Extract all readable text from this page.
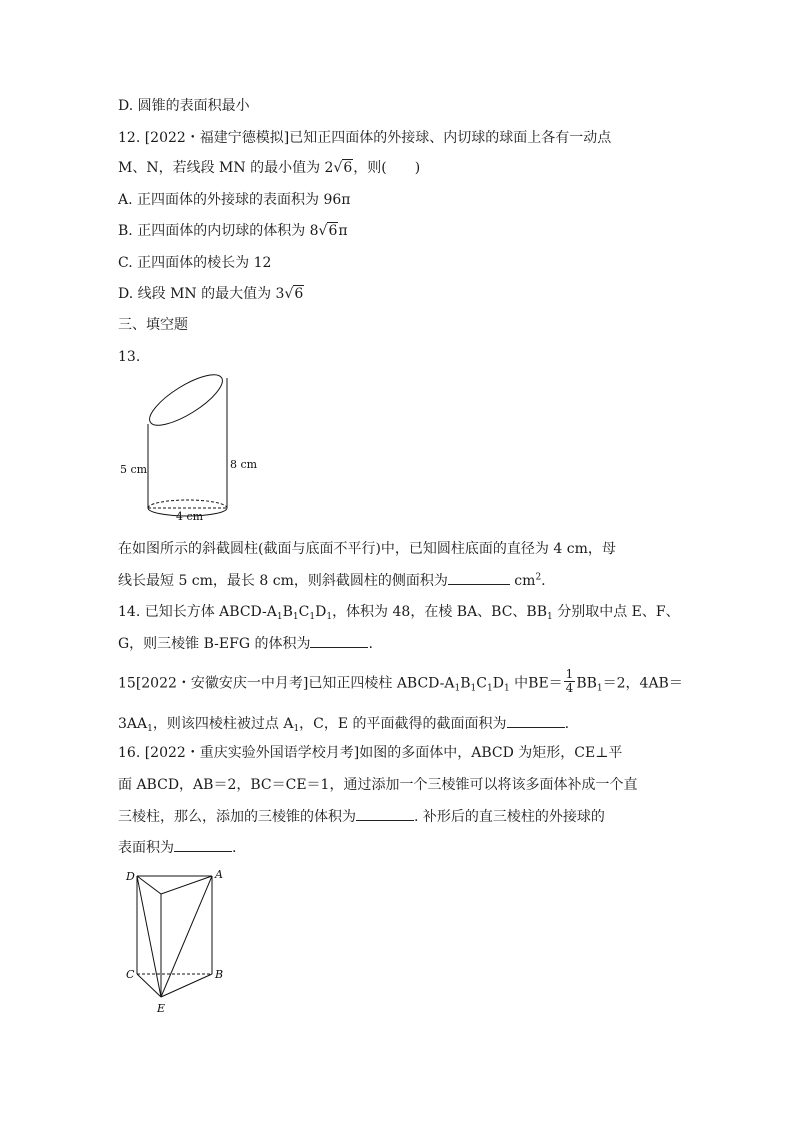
D. 圆锥的表面积最小
12. [2022・福建宁德模拟]已知正四面体的外接球、内切球的球面上各有一动点
M、N，若线段 MN 的最小值为 2√6，则(　　)
A. 正四面体的外接球的表面积为 96π
B. 正四面体的内切球的体积为 8√6π
C. 正四面体的棱长为 12
D. 线段 MN 的最大值为 3√6
三、填空题
13.
5 cm	8 cm
4 cm
在如图所示的斜截圆柱(截面与底面不平行)中，已知圆柱底面的直径为 4 cm，母
线长最短 5 cm，最长 8 cm，则斜截圆柱的侧面积为	$cm^2$.
14. 已知长方体 ABCD-$A_1B_1C_1D_1$，体积为 48，在棱 BA、BC、$BB_1$ 分别取中点 E、F、
G，则三棱锥 B-EFG 的体积为	.
15[2022・安徽安庆一中月考]已知正四棱柱 ABCD-$A_1B_1C_1D_1$ 中$BE= \frac{1}{4} BB_1=2$，4AB＝
$3AA_1$，则该四棱柱被过点 $A_1$，C，E 的平面截得的截面面积为	.
16. [2022・重庆实验外国语学校月考]如图的多面体中，ABCD 为矩形，CE⊥平
面 ABCD，AB＝2，BC＝CE＝1，通过添加一个三棱锥可以将该多面体补成一个直
三棱柱，那么，添加的三棱锥的体积为	. 补形后的直三棱柱的外接球的
表面积为	.
D	A
C	B
E
